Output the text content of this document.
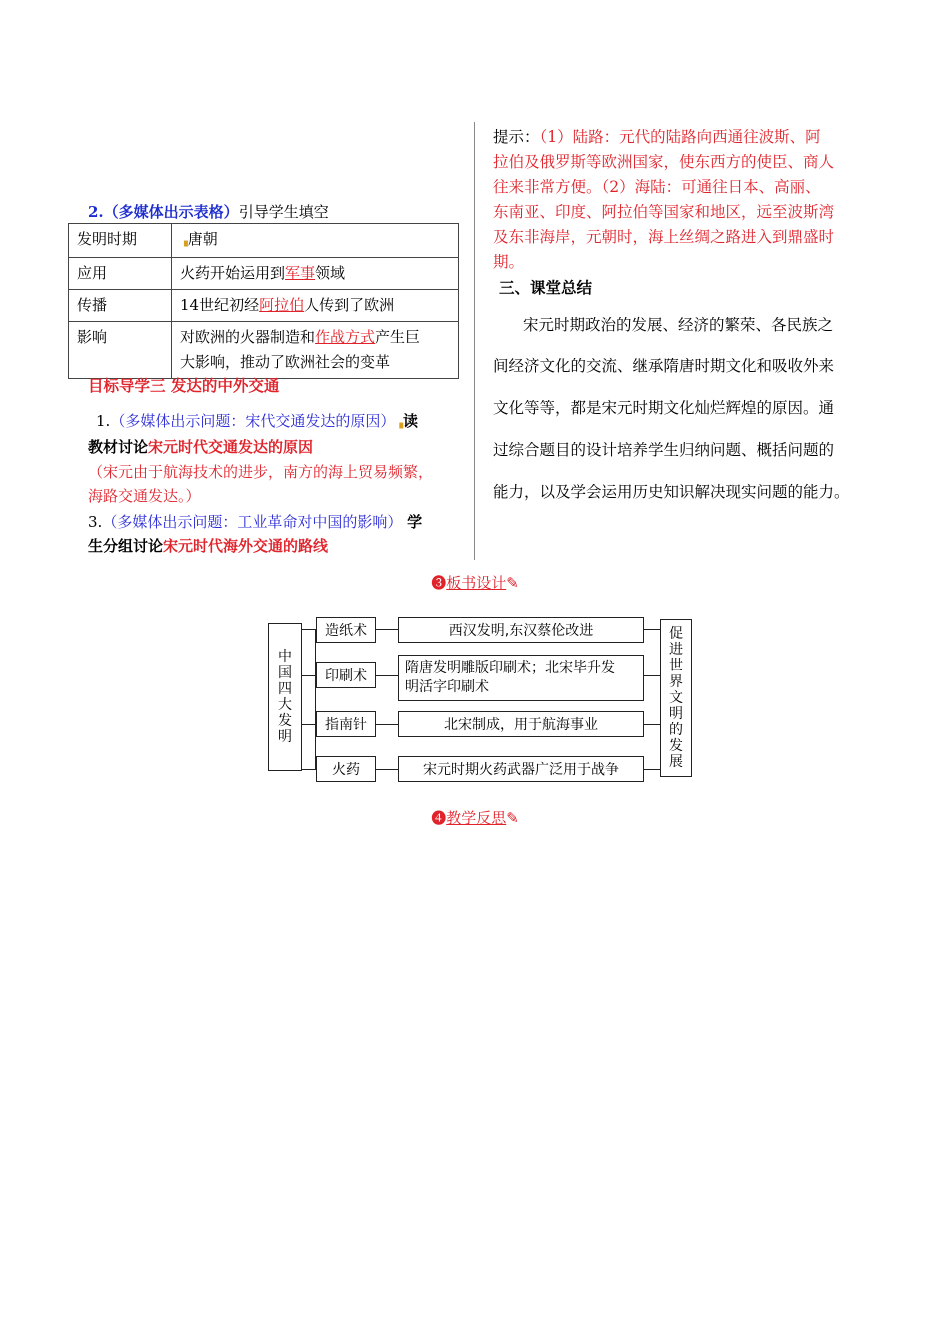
2.（多媒体出示表格）引导学生填空
发明时期	▗唐朝
应用	火药开始运用到军事领域
传播	14世纪初经阿拉伯人传到了欧洲
影响	对欧洲的火器制造和作战方式产生巨
大影响，推动了欧洲社会的变革
目标导学三 发达的中外交通
1.（多媒体出示问题：宋代交通发达的原因）▗读
教材讨论宋元时代交通发达的原因
（宋元由于航海技术的进步，南方的海上贸易频繁，
海路交通发达。）
3.（多媒体出示问题：工业革命对中国的影响） 学
生分组讨论宋元时代海外交通的路线
提示：（1）陆路：元代的陆路向西通往波斯、阿
拉伯及俄罗斯等欧洲国家，使东西方的使臣、商人
往来非常方便。（2）海陆：可通往日本、高丽、
东南亚、印度、阿拉伯等国家和地区，远至波斯湾
及东非海岸，元朝时，海上丝绸之路进入到鼎盛时
期。
三、课堂总结
宋元时期政治的发展、经济的繁荣、各民族之
间经济文化的交流、继承隋唐时期文化和吸收外来
文化等等，都是宋元时期文化灿烂辉煌的原因。通
过综合题目的设计培养学生归纳问题、概括问题的
能力，以及学会运用历史知识解决现实问题的能力。
❸板书设计✎
中
国
四
大
发
明
促
进
世
界
文
明
的
发
展
造纸术	西汉发明,东汉蔡伦改进
印刷术	隋唐发明雕版印刷术；北宋毕升发
明活字印刷术
指南针	北宋制成，用于航海事业
火药	宋元时期火药武器广泛用于战争
❹教学反思✎
